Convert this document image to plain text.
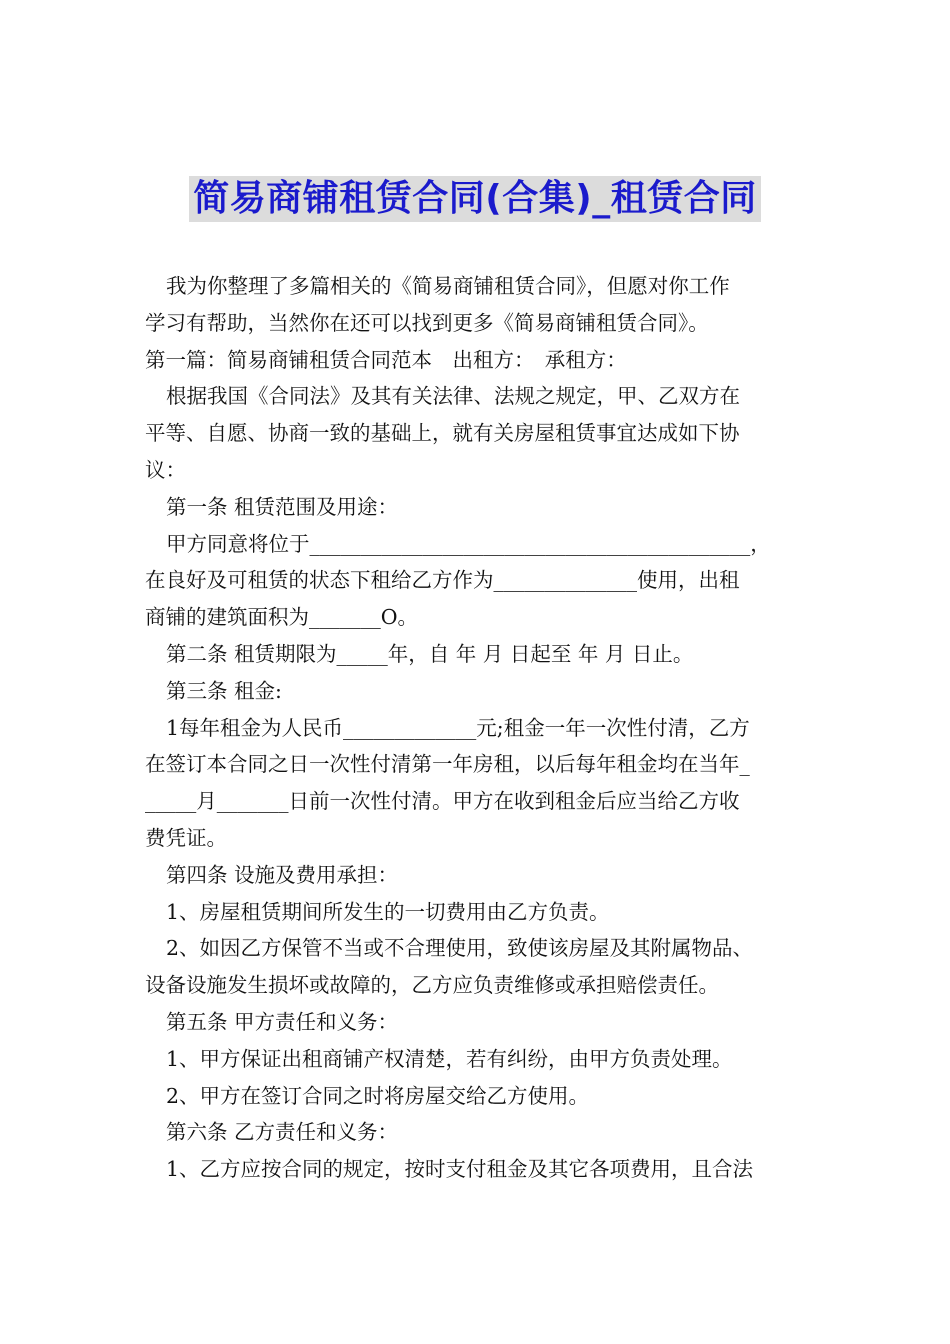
简易商铺租赁合同(合集)_租赁合同
我为你整理了多篇相关的《简易商铺租赁合同》，但愿对你工作
学习有帮助，当然你在还可以找到更多《简易商铺租赁合同》。
第一篇：简易商铺租赁合同范本　出租方：　承租方：
根据我国《合同法》及其有关法律、法规之规定，甲、乙双方在
平等、自愿、协商一致的基础上，就有关房屋租赁事宜达成如下协
议：
第一条 租赁范围及用途：
甲方同意将位于___________________________________________，
在良好及可租赁的状态下租给乙方作为______________使用，出租
商铺的建筑面积为_______O。
第二条 租赁期限为_____年，自 年 月 日起至 年 月 日止。
第三条 租金:
1每年租金为人民币_____________元;租金一年一次性付清，乙方
在签订本合同之日一次性付清第一年房租，以后每年租金均在当年_
_____月_______日前一次性付清。甲方在收到租金后应当给乙方收
费凭证。
第四条 设施及费用承担：
1、房屋租赁期间所发生的一切费用由乙方负责。
2、如因乙方保管不当或不合理使用，致使该房屋及其附属物品、
设备设施发生损坏或故障的，乙方应负责维修或承担赔偿责任。
第五条 甲方责任和义务：
1、甲方保证出租商铺产权清楚，若有纠纷，由甲方负责处理。
2、甲方在签订合同之时将房屋交给乙方使用。
第六条 乙方责任和义务：
1、乙方应按合同的规定，按时支付租金及其它各项费用，且合法
